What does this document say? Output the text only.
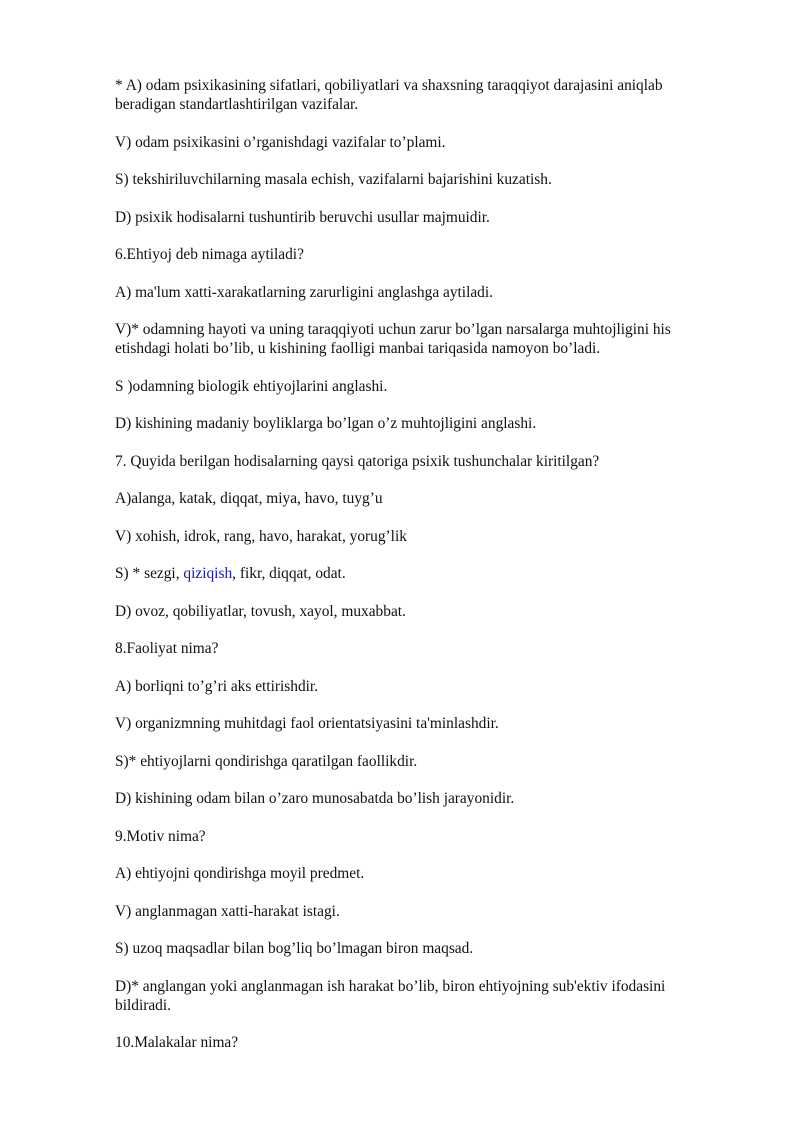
* A) odam psixikasining sifatlari, qobiliyatlari va shaxsning taraqqiyot darajasini aniqlab beradigan standartlashtirilgan vazifalar.

V) odam psixikasini o’rganishdagi vazifalar to’plami.

S) tekshiriluvchilarning masala echish, vazifalarni bajarishini kuzatish.

D) psixik hodisalarni tushuntirib beruvchi usullar majmuidir.

6.Ehtiyoj deb nimaga aytiladi?

A) ma'lum xatti-xarakatlarning zarurligini anglashga aytiladi.

V)* odamning hayoti va uning taraqqiyoti uchun zarur bo’lgan narsalarga muhtojligini his etishdagi holati bo’lib, u kishining faolligi manbai tariqasida namoyon bo’ladi.

S )odamning biologik ehtiyojlarini anglashi.

D) kishining madaniy boyliklarga bo’lgan o’z muhtojligini anglashi.

7. Quyida berilgan hodisalarning qaysi qatoriga psixik tushunchalar kiritilgan?

A)alanga, katak, diqqat, miya, havo, tuyg’u

V) xohish, idrok, rang, havo, harakat, yorug’lik

S) * sezgi, qiziqish, fikr, diqqat, odat.

D) ovoz, qobiliyatlar, tovush, xayol, muxabbat.

8.Faoliyat nima?

A) borliqni to’g’ri aks ettirishdir.

V) organizmning muhitdagi faol orientatsiyasini ta'minlashdir.

S)* ehtiyojlarni qondirishga qaratilgan faollikdir.

D) kishining odam bilan o’zaro munosabatda bo’lish jarayonidir.

9.Motiv nima?

A) ehtiyojni qondirishga moyil predmet.

V) anglanmagan xatti-harakat istagi.

S) uzoq maqsadlar bilan bog’liq bo’lmagan biron maqsad.

D)* anglangan yoki anglanmagan ish harakat bo’lib, biron ehtiyojning sub'ektiv ifodasini bildiradi.

10.Malakalar nima?
